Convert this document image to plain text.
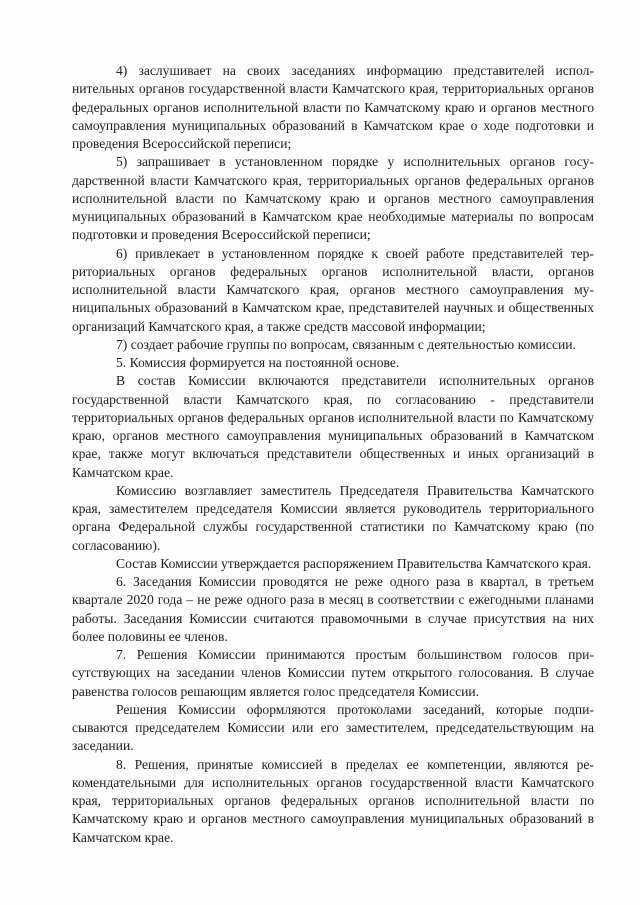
4) заслушивает на своих заседаниях информацию представителей исполнительных органов государственной власти Камчатского края, территориальных органов федеральных органов исполнительной власти по Камчатскому краю и органов местного самоуправления муниципальных образований в Камчатском крае о ходе подготовки и проведения Всероссийской переписи;

5) запрашивает в установленном порядке у исполнительных органов государственной власти Камчатского края, территориальных органов федеральных органов исполнительной власти по Камчатскому краю и органов местного самоуправления муниципальных образований в Камчатском крае необходимые материалы по вопросам подготовки и проведения Всероссийской переписи;

6) привлекает в установленном порядке к своей работе представителей территориальных органов федеральных органов исполнительной власти, органов исполнительной власти Камчатского края, органов местного самоуправления муниципальных образований в Камчатском крае, представителей научных и общественных организаций Камчатского края, а также средств массовой информации;

7) создает рабочие группы по вопросам, связанным с деятельностью комиссии.

5. Комиссия формируется на постоянной основе.

В состав Комиссии включаются представители исполнительных органов государственной власти Камчатского края, по согласованию - представители территориальных органов федеральных органов исполнительной власти по Камчатскому краю, органов местного самоуправления муниципальных образований в Камчатском крае, также могут включаться представители общественных и иных организаций в Камчатском крае.

Комиссию возглавляет заместитель Председателя Правительства Камчатского края, заместителем председателя Комиссии является руководитель территориального органа Федеральной службы государственной статистики по Камчатскому краю (по согласованию).

Состав Комиссии утверждается распоряжением Правительства Камчатского края.

6. Заседания Комиссии проводятся не реже одного раза в квартал, в третьем квартале 2020 года – не реже одного раза в месяц в соответствии с ежегодными планами работы. Заседания Комиссии считаются правомочными в случае присутствия на них более половины ее членов.

7. Решения Комиссии принимаются простым большинством голосов присутствующих на заседании членов Комиссии путем открытого голосования. В случае равенства голосов решающим является голос председателя Комиссии.

Решения Комиссии оформляются протоколами заседаний, которые подписываются председателем Комиссии или его заместителем, председательствующим на заседании.

8. Решения, принятые комиссией в пределах ее компетенции, являются рекомендательными для исполнительных органов государственной власти Камчатского края, территориальных органов федеральных органов исполнительной власти по Камчатскому краю и органов местного самоуправления муниципальных образований в Камчатском крае.
